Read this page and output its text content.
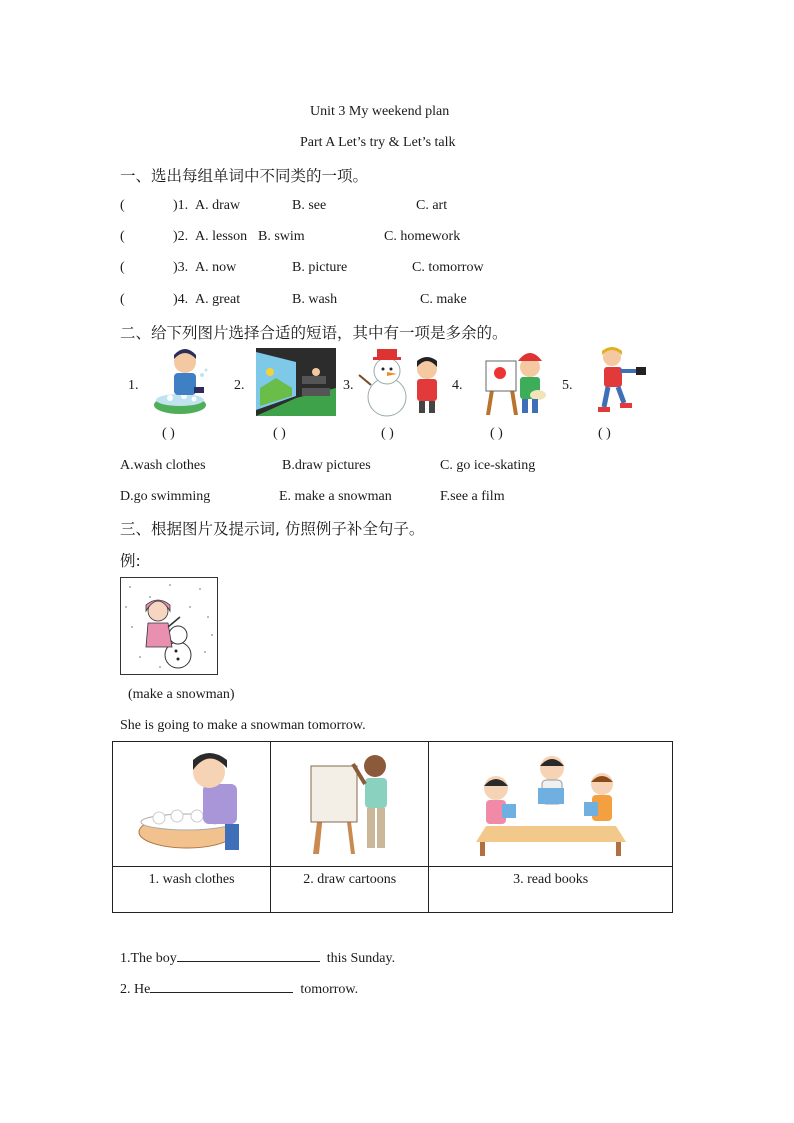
Unit 3 My weekend plan
Part A Let’s try & Let’s talk
一、选出每组单词中不同类的一项。
(	)1. A. draw	B. see	C. art
(	)2. A. lesson B. swim	C. homework
(	)3. A. now	B. picture	C. tomorrow
(	)4. A. great	B. wash	C. make
二、给下列图片选择合适的短语，其中有一项是多余的。
1.	2.	3.	4.	5.
( )	( )	( )	( )	( )
A.wash clothes	B.draw pictures	C. go ice-skating
D.go swimming	E. make a snowman	F.see a film
三、根据图片及提示词, 仿照例子补全句子。
例:
(make a snowman)
She is going to make a snowman tomorrow.

1. wash clothes	2. draw cartoons	3. read books
1.The boy	this Sunday.
2. He	tomorrow.
